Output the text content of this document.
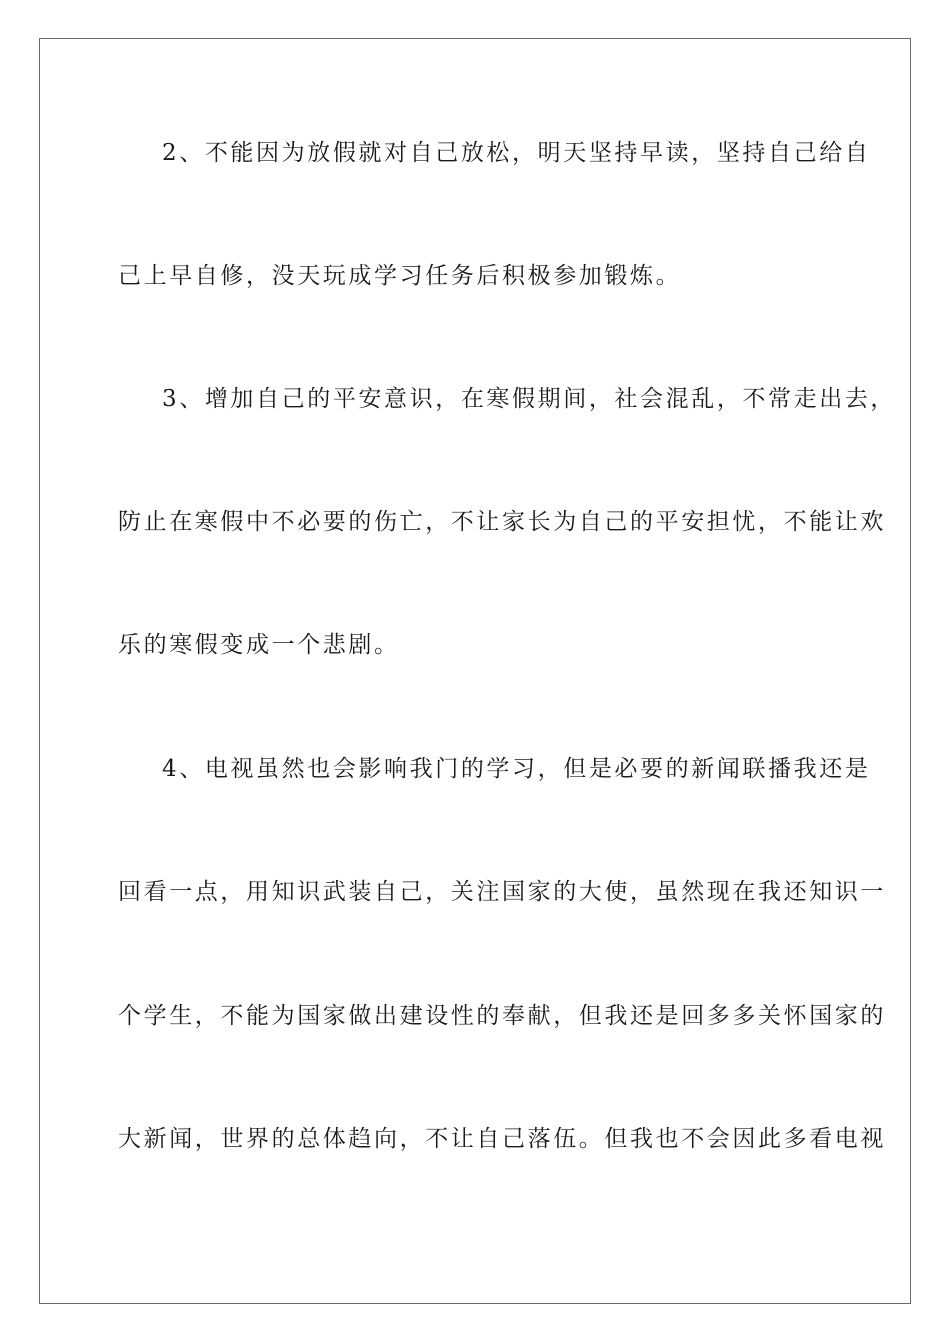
2、不能因为放假就对自己放松，明天坚持早读，坚持自己给自
己上早自修，没天玩成学习任务后积极参加锻炼。
3、增加自己的平安意识，在寒假期间，社会混乱，不常走出去，
防止在寒假中不必要的伤亡，不让家长为自己的平安担忧，不能让欢
乐的寒假变成一个悲剧。
4、电视虽然也会影响我门的学习，但是必要的新闻联播我还是
回看一点，用知识武装自己，关注国家的大使，虽然现在我还知识一
个学生，不能为国家做出建设性的奉献，但我还是回多多关怀国家的
大新闻，世界的总体趋向，不让自己落伍。但我也不会因此多看电视
